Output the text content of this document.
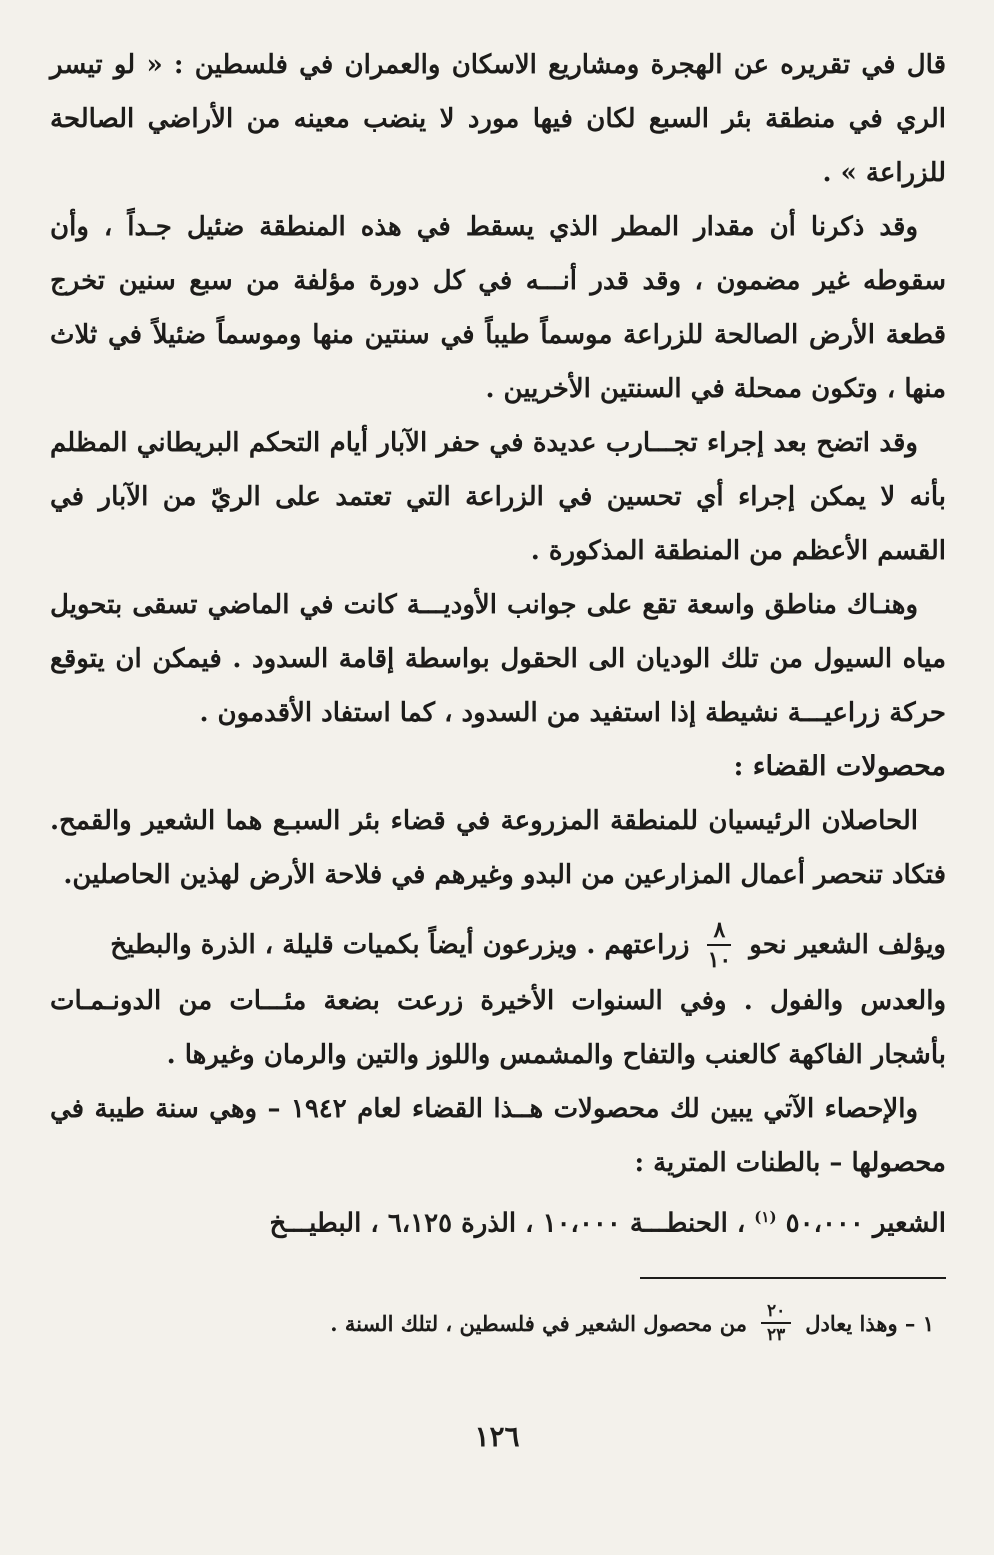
قال في تقريره عن الهجرة ومشاريع الاسكان والعمران في فلسطين : « لو تيسر الري في منطقة بئر السبع لكان فيها مورد لا ينضب معينه من الأراضي الصالحة للزراعة » .

وقد ذكرنا أن مقدار المطر الذي يسقط في هذه المنطقة ضئيل جـداً ، وأن سقوطه غير مضمون ، وقد قدر أنـــه في كل دورة مؤلفة من سبع سنين تخرج قطعة الأرض الصالحة للزراعة موسماً طيباً في سنتين منها وموسماً ضئيلاً في ثلاث منها ، وتكون ممحلة في السنتين الأخريين .

وقد اتضح بعد إجراء تجـــارب عديدة في حفر الآبار أيام التحكم البريطاني المظلم بأنه لا يمكن إجراء أي تحسين في الزراعة التي تعتمد على الريّ من الآبار في القسم الأعظم من المنطقة المذكورة .

وهنـاك مناطق واسعة تقع على جوانب الأوديـــة كانت في الماضي تسقى بتحويل مياه السيول من تلك الوديان الى الحقول بواسطة إقامة السدود . فيمكن ان يتوقع حركة زراعيـــة نشيطة إذا استفيد من السدود ، كما استفاد الأقدمون .

محصولات القضاء :

الحاصلان الرئيسيان للمنطقة المزروعة في قضاء بئر السبـع هما الشعير والقمح. فتكاد تنحصر أعمال المزارعين من البدو وغيرهم في فلاحة الأرض لهذين الحاصلين.

ويؤلف الشعير نحو
$\frac{٨}{١٠}$
زراعتهم . ويزرعون أيضاً بكميات قليلة ، الذرة والبطيخ

والعدس والفول . وفي السنوات الأخيرة زرعت بضعة مئـــات من الدونـمـات بأشجار الفاكهة كالعنب والتفاح والمشمس واللوز والتين والرمان وغيرها .

والإحصاء الآتي يبين لك محصولات هــذا القضاء لعام ١٩٤٢ – وهي سنة طيبة في محصولها – بالطنات المترية :

الشعير ٥٠،٠٠٠ $^{(١)}$ ، الحنطـــة ١٠،٠٠٠ ، الذرة ٦،١٢٥ ، البطيـــخ
١ – وهذا يعادل
$\frac{٢٠}{٢٣}$
من محصول الشعير في فلسطين ، لتلك السنة .
١٢٦
